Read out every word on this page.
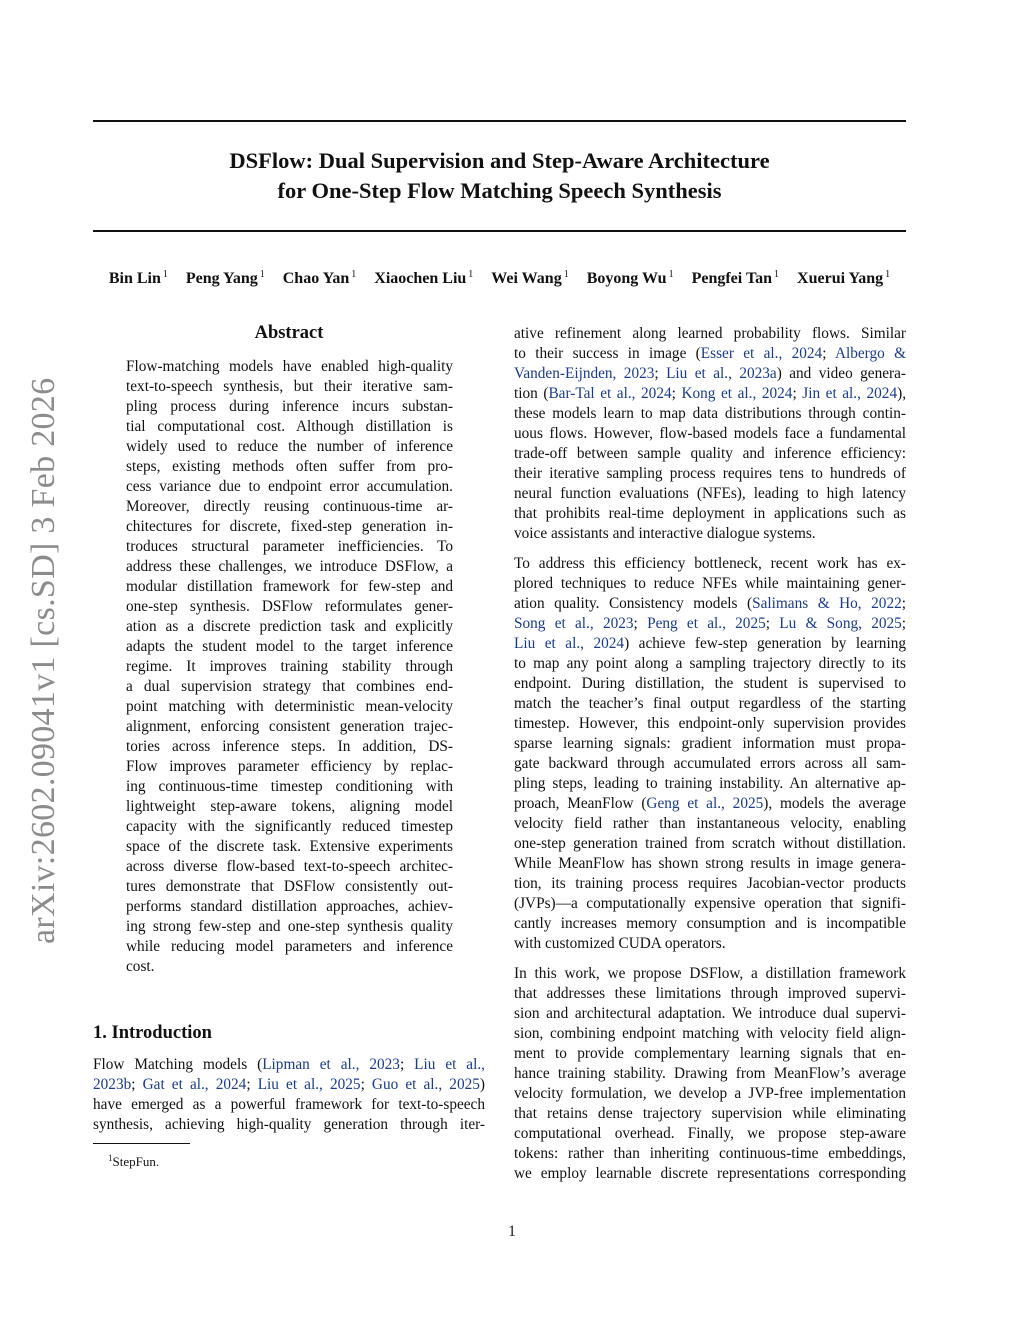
DSFlow: Dual Supervision and Step-Aware Architecture
for One-Step Flow Matching Speech Synthesis
Bin Lin $^1$ Peng Yang $^1$ Chao Yan $^1$ Xiaochen Liu $^1$ Wei Wang $^1$ Boyong Wu $^1$ Pengfei Tan $^1$ Xuerui Yang $^1$
arXiv:2602.09041v1 [cs.SD] 3 Feb 2026
Abstract

Flow-matching models have enabled high-quality
text-to-speech synthesis, but their iterative sam-
pling process during inference incurs substan-
tial computational cost. Although distillation is
widely used to reduce the number of inference
steps, existing methods often suffer from pro-
cess variance due to endpoint error accumulation.
Moreover, directly reusing continuous-time ar-
chitectures for discrete, fixed-step generation in-
troduces structural parameter inefficiencies. To
address these challenges, we introduce DSFlow, a
modular distillation framework for few-step and
one-step synthesis. DSFlow reformulates gener-
ation as a discrete prediction task and explicitly
adapts the student model to the target inference
regime. It improves training stability through
a dual supervision strategy that combines end-
point matching with deterministic mean-velocity
alignment, enforcing consistent generation trajec-
tories across inference steps. In addition, DS-
Flow improves parameter efficiency by replac-
ing continuous-time timestep conditioning with
lightweight step-aware tokens, aligning model
capacity with the significantly reduced timestep
space of the discrete task. Extensive experiments
across diverse flow-based text-to-speech architec-
tures demonstrate that DSFlow consistently out-
performs standard distillation approaches, achiev-
ing strong few-step and one-step synthesis quality
while reducing model parameters and inference
cost.

1. Introduction

Flow Matching models (Lipman et al., 2023; Liu et al.,
2023b; Gat et al., 2024; Liu et al., 2025; Guo et al., 2025)
have emerged as a powerful framework for text-to-speech
synthesis, achieving high-quality generation through iter-

$^1$StepFun.

ative refinement along learned probability flows. Similar
to their success in image (Esser et al., 2024; Albergo &
Vanden-Eijnden, 2023; Liu et al., 2023a) and video genera-
tion (Bar-Tal et al., 2024; Kong et al., 2024; Jin et al., 2024),
these models learn to map data distributions through contin-
uous flows. However, flow-based models face a fundamental
trade-off between sample quality and inference efficiency:
their iterative sampling process requires tens to hundreds of
neural function evaluations (NFEs), leading to high latency
that prohibits real-time deployment in applications such as
voice assistants and interactive dialogue systems.

To address this efficiency bottleneck, recent work has ex-
plored techniques to reduce NFEs while maintaining gener-
ation quality. Consistency models (Salimans & Ho, 2022;
Song et al., 2023; Peng et al., 2025; Lu & Song, 2025;
Liu et al., 2024) achieve few-step generation by learning
to map any point along a sampling trajectory directly to its
endpoint. During distillation, the student is supervised to
match the teacher’s final output regardless of the starting
timestep. However, this endpoint-only supervision provides
sparse learning signals: gradient information must propa-
gate backward through accumulated errors across all sam-
pling steps, leading to training instability. An alternative ap-
proach, MeanFlow (Geng et al., 2025), models the average
velocity field rather than instantaneous velocity, enabling
one-step generation trained from scratch without distillation.
While MeanFlow has shown strong results in image genera-
tion, its training process requires Jacobian-vector products
(JVPs)—a computationally expensive operation that signifi-
cantly increases memory consumption and is incompatible
with customized CUDA operators.

In this work, we propose DSFlow, a distillation framework
that addresses these limitations through improved supervi-
sion and architectural adaptation. We introduce dual supervi-
sion, combining endpoint matching with velocity field align-
ment to provide complementary learning signals that en-
hance training stability. Drawing from MeanFlow’s average
velocity formulation, we develop a JVP-free implementation
that retains dense trajectory supervision while eliminating
computational overhead. Finally, we propose step-aware
tokens: rather than inheriting continuous-time embeddings,
we employ learnable discrete representations corresponding

1
